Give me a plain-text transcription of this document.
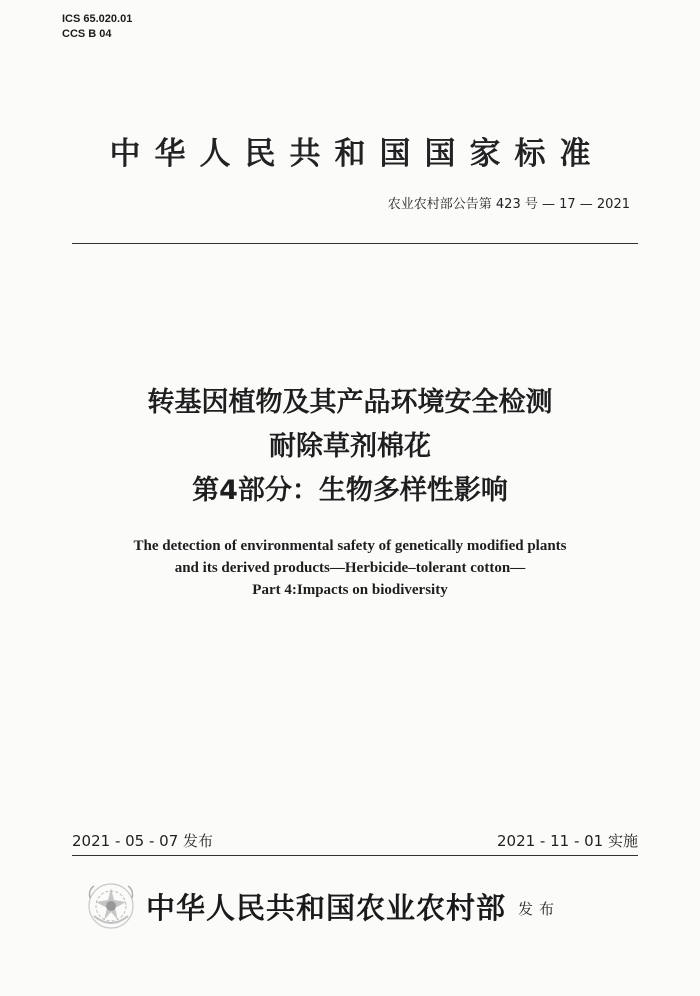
ICS 65.020.01
CCS B 04
中华人民共和国国家标准
农业农村部公告第 423 号 — 17 — 2021
转基因植物及其产品环境安全检测
耐除草剂棉花
第4部分：生物多样性影响
The detection of environmental safety of genetically modified plants
and its derived products—Herbicide–tolerant cotton—
Part 4:Impacts on biodiversity
2021 - 05 - 07 发布	2021 - 11 - 01 实施
中华人民共和国农业农村部 发布
